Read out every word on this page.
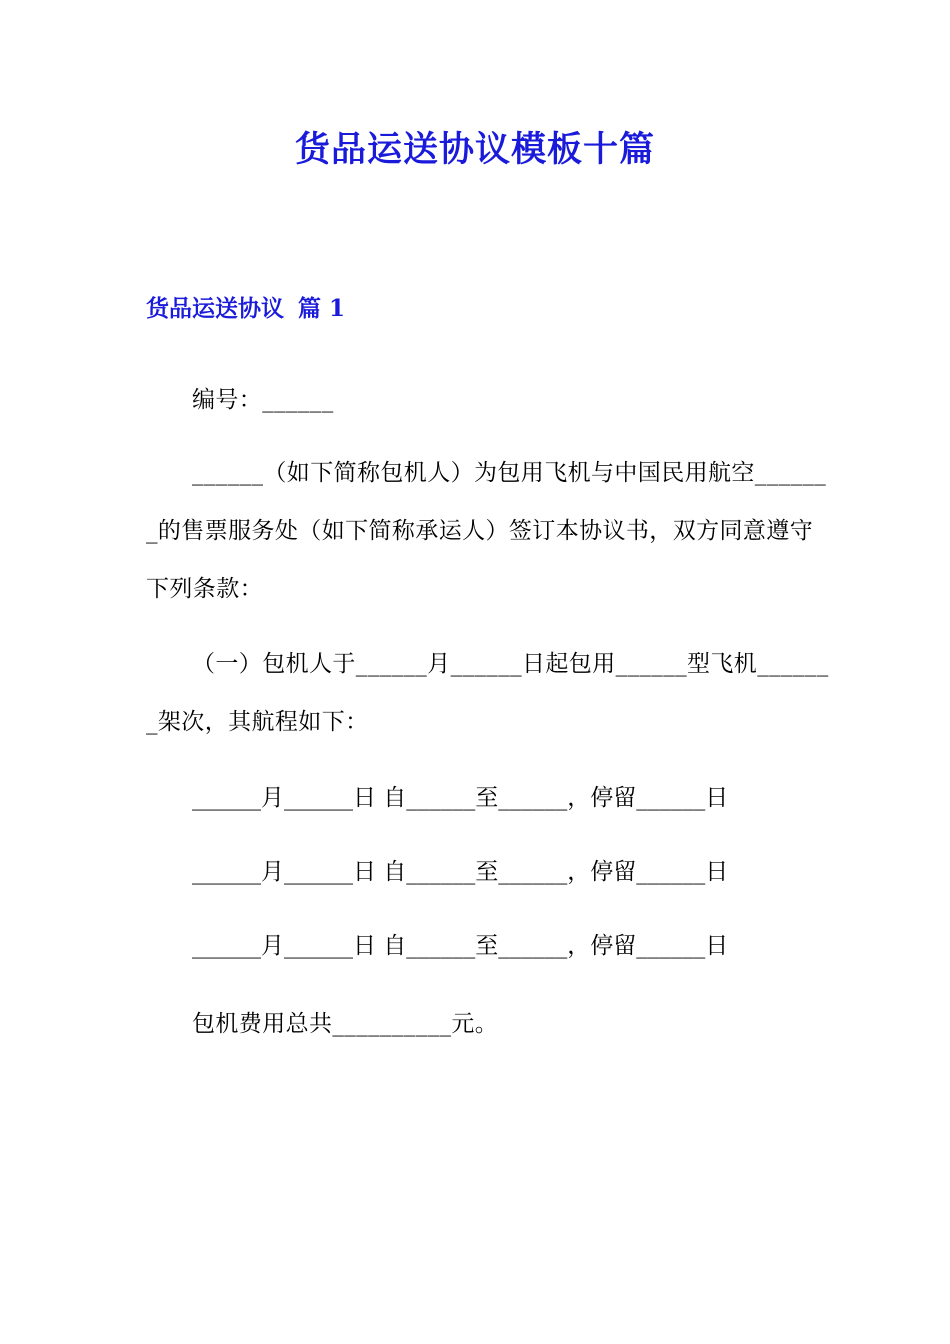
货品运送协议模板十篇
货品运送协议 篇 1
编号：______
______（如下简称包机人）为包用飞机与中国民用航空______
_的售票服务处（如下简称承运人）签订本协议书，双方同意遵守
下列条款：
（一）包机人于______月______日起包用______型飞机______
_架次，其航程如下：
______月______日 自______至______，停留______日
______月______日 自______至______，停留______日
______月______日 自______至______，停留______日
包机费用总共__________元。
